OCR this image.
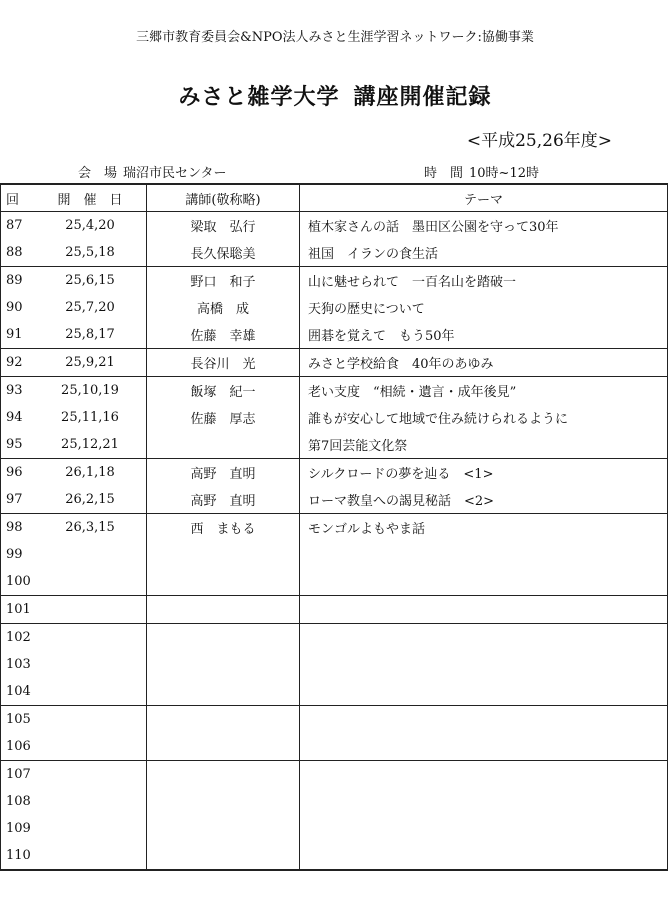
三郷市教育委員会&NPO法人みさと生涯学習ネットワーク:協働事業
みさと雑学大学 講座開催記録
<平成25,26年度>
会　場 瑞沼市民センター	時　間 10時~12時
回	開　催　日	講師(敬称略)	テーマ
87	25,4,20	梁取　弘行	植木家さんの話　墨田区公園を守って30年
88	25,5,18	長久保聡美	祖国　イランの食生活
89	25,6,15	野口　和子	山に魅せられて　一百名山を踏破一
90	25,7,20	高橋　成	天狗の歴史について
91	25,8,17	佐藤　幸雄	囲碁を覚えて　もう50年
92	25,9,21	長谷川　光	みさと学校給食　40年のあゆみ
93	25,10,19	飯塚　紀一	老い支度　“相続・遺言・成年後見”
94	25,11,16	佐藤　厚志	誰もが安心して地域で住み続けられるように
95	25,12,21		第7回芸能文化祭
96	26,1,18	高野　直明	シルクロードの夢を辿る　<1>
97	26,2,15	高野　直明	ローマ教皇への謁見秘話　<2>
98	26,3,15	西　まもる	モンゴルよもやま話
99			
100			
101			
102			
103			
104			
105			
106			
107			
108			
109			
110			
